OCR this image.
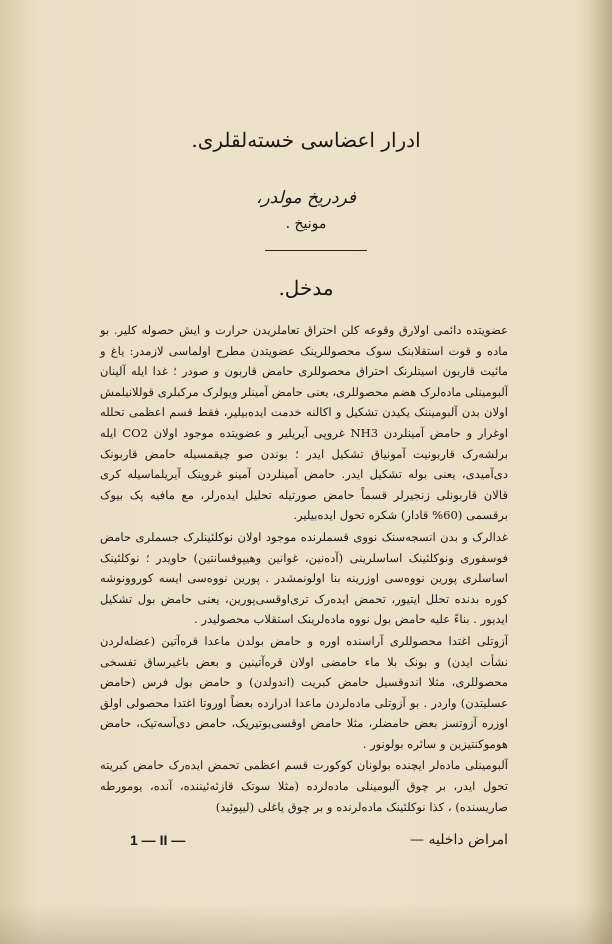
ادرار اعضاسی خسته‌لقلری.
فردریخ مولدر،
مونیخ .
مدخل.

عضویتده دائمی اولارق وقوعه کلن احتراق تعاملریدن حرارت و ایش حصوله کلیر. بو ماده و قوت استقلابنک سوک محصوللرینک عضویتدن مطرح اولماسی لازمدر: یاغ و مائیت قاربون اسیتلرنک احتراق محصوللری حامض قاربون و صودر ؛ غدا ایله آلینان آلبومینلی ماده‌لرک هضم محصوللری، یعنی حامض آمینلر ویولرک مرکبلری قوللانیلمش اولان بدن آلبومیننک یکیدن تشکیل و اکالنه خدمت ایده‌بیلیر، فقط قسم اعظمی تحلله اوغرار و حامض آمینلردن NH3 غروپی آیریلیر و عضویتده موجود اولان CO2 ایله برلشه‌رک قاربونیت آمونیاق تشکیل ایدر ؛ بوندن صو چیقمسیله حامض قاربونک دی‌آمیدی، یعنی بوله تشکیل ایدر. حامض آمینلردن آمینو غروپنک آیریلماسیله کری قالان قاربونلی زنجیرلر قسماً حامض صورتیله تحلیل ایده‌رلر، مع مافیه پک بیوک برقسمی (60% قادار) شکره تحول ایده‌بیلیر.

غدالرک و بدن انسجه‌سنک نووی قسملرنده موجود اولان نوکلئینلرک جسملری حامض فوسفوری ونوکلئینک اساسلرینی (آده‌نین، غوانین وهیپوقسانتین) حاویدر ؛ نوکلئینک اساسلری پورین نووه‌سی اوزرینه بنا اولونمشدر . پورین نووه‌سی ایسه کوروونوشه کوره بدنده تحلل ایتیور، تحمض ایده‌رک تری‌اوقسی‌پورین، یعنی حامض بول تشکیل ایدیور . بناءً علیه حامض بول نووه ماده‌لرینک استقلاب محصولیدر .

آزوتلی اغتدا محصوللری آراسنده اوره و حامض بولدن ماعدا قره‌آتین (عضله‌لردن نشأت ایدن) و بونک بلا ماء حامضی اولان قره‌آتینین و بعض باغیرساق تفسخی محصوللری، مثلا اندوقسیل حامض کبریت (اندولدن) و حامض بول فرس (حامض عسلیتدن) واردر . بو آزوتلی ماده‌لردن ماعدا ادرارده بعضاً اوروتا اغتدا محصولی اولق اوزره آزوتسز بعض حامضلر، مثلا حامض اوقسی‌بوتیریک، حامض دی‌آسه‌تیک، حامض هوموکنتیزین و سائره بولونور .

آلبومینلی ماده‌لر ایچنده بولونان کوکورت قسم اعظمی تحمض ایده‌رک حامض کبریته تحول ایدر، بر چوق آلبومینلی ماده‌لرده (مثلا سوتک قازئه‌ئیننده، آنده، یومورطه صاریسنده) ، کذا نوکلئینک ماده‌لرنده و بر چوق یاغلی (لیپوئید)

امراض داخلیه —
1 — II —
